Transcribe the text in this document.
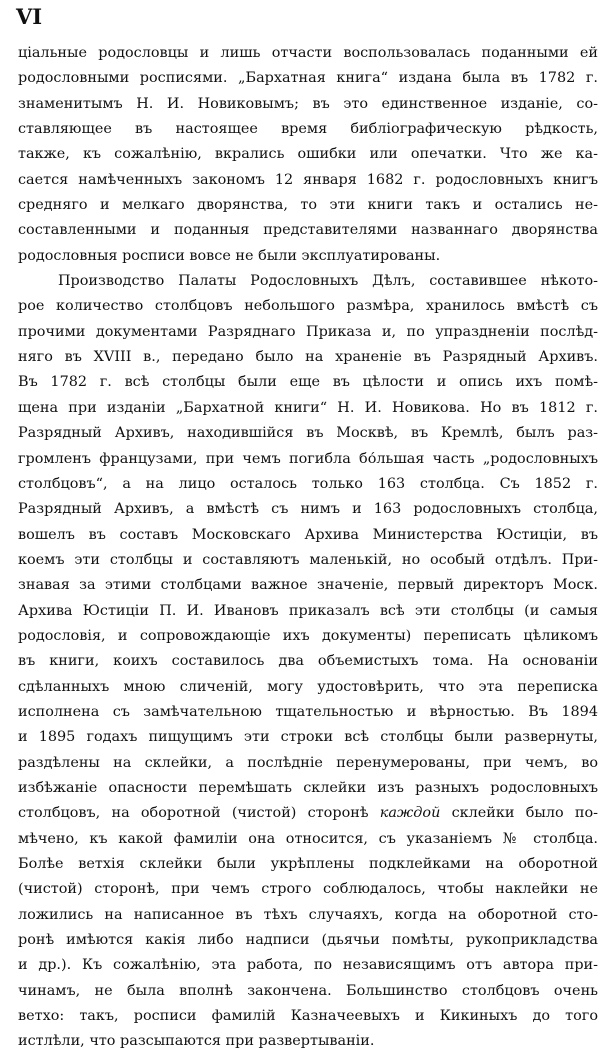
VI
ціальные родословцы и лишь отчасти воспользовалась поданными ей
родословными росписями. „Бархатная книга“ издана была въ 1782 г.
знаменитымъ Н. И. Новиковымъ; въ это единственное изданіе, со-
ставляющее въ настоящее время библіографическую рѣдкость,
также, къ сожалѣнію, вкрались ошибки или опечатки. Что же ка-
сается намѣченныхъ закономъ 12 января 1682 г. родословныхъ книгъ
средняго и мелкаго дворянства, то эти книги такъ и остались не-
составленными и поданныя представителями названнаго дворянства
родословныя росписи вовсе не были эксплуатированы.
Производство Палаты Родословныхъ Дѣлъ, составившее нѣкото-
рое количество столбцовъ небольшого размѣра, хранилось вмѣстѣ съ
прочими документами Разряднаго Приказа и, по упраздненіи послѣд-
няго въ XVIII в., передано было на храненіе въ Разрядный Архивъ.
Въ 1782 г. всѣ столбцы были еще въ цѣлости и опись ихъ помѣ-
щена при изданіи „Бархатной книги“ Н. И. Новикова. Но въ 1812 г.
Разрядный Архивъ, находившійся въ Москвѣ, въ Кремлѣ, былъ раз-
громленъ французами, при чемъ погибла бо́льшая часть „родословныхъ
столбцовъ“, а на лицо осталось только 163 столбца. Съ 1852 г.
Разрядный Архивъ, а вмѣстѣ съ нимъ и 163 родословныхъ столбца,
вошелъ въ составъ Московскаго Архива Министерства Юстиціи, въ
коемъ эти столбцы и составляютъ маленькій, но особый отдѣлъ. При-
знавая за этими столбцами важное значеніе, первый директоръ Моск.
Архива Юстиціи П. И. Ивановъ приказалъ всѣ эти столбцы (и самыя
родословія, и сопровождающіе ихъ документы) переписать цѣликомъ
въ книги, коихъ составилось два объемистыхъ тома. На основаніи
сдѣланныхъ мною сличеній, могу удостовѣрить, что эта переписка
исполнена съ замѣчательною тщательностью и вѣрностью. Въ 1894
и 1895 годахъ пищущимъ эти строки всѣ столбцы были развернуты,
раздѣлены на склейки, а послѣдніе перенумерованы, при чемъ, во
избѣжаніе опасности перемѣшать склейки изъ разныхъ родословныхъ
столбцовъ, на оборотной (чистой) сторонѣ каждой склейки было по-
мѣчено, къ какой фамиліи она относится, съ указаніемъ № столбца.
Болѣе ветхія склейки были укрѣплены подклейками на оборотной
(чистой) сторонѣ, при чемъ строго соблюдалось, чтобы наклейки не
ложились на написанное въ тѣхъ случаяхъ, когда на оборотной сто-
ронѣ имѣются какія либо надписи (дьячьи помѣты, рукоприкладства
и др.). Къ сожалѣнію, эта работа, по независящимъ отъ автора при-
чинамъ, не была вполнѣ закончена. Большинство столбцовъ очень
ветхо: такъ, росписи фамилій Казначеевыхъ и Кикиныхъ до того
истлѣли, что разсыпаются при развертываніи.
